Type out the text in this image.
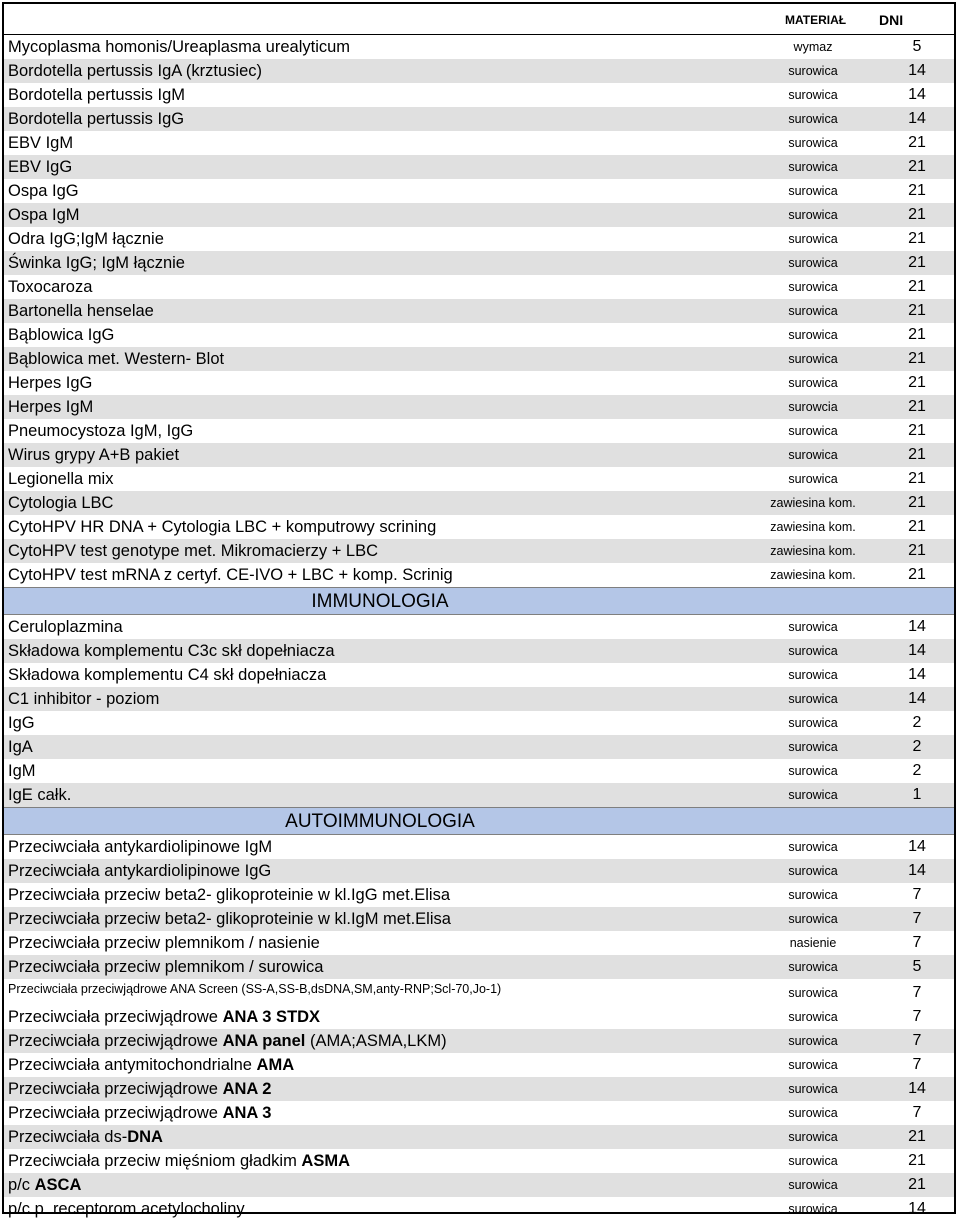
MATERIAŁ DNI
Mycoplasma homonis/Ureaplasma urealyticum	wymaz	5
Bordotella pertussis IgA (krztusiec)	surowica	14
Bordotella pertussis IgM	surowica	14
Bordotella pertussis IgG	surowica	14
EBV IgM	surowica	21
EBV IgG	surowica	21
Ospa IgG	surowica	21
Ospa IgM	surowica	21
Odra IgG;IgM łącznie	surowica	21
Świnka IgG; IgM łącznie	surowica	21
Toxocaroza	surowica	21
Bartonella henselae	surowica	21
Bąblowica IgG	surowica	21
Bąblowica met. Western- Blot	surowica	21
Herpes IgG	surowica	21
Herpes IgM	surowcia	21
Pneumocystoza IgM, IgG	surowica	21
Wirus grypy A+B pakiet	surowica	21
Legionella mix	surowica	21
Cytologia LBC	zawiesina kom.	21
CytoHPV HR DNA + Cytologia LBC + komputrowy scrining	zawiesina kom.	21
CytoHPV test genotype met. Mikromacierzy + LBC	zawiesina kom.	21
CytoHPV test mRNA z certyf. CE-IVO + LBC + komp. Scrinig	zawiesina kom.	21
IMMUNOLOGIA
Ceruloplazmina	surowica	14
Składowa komplementu C3c skł dopełniacza	surowica	14
Składowa komplementu C4 skł dopełniacza	surowica	14
C1 inhibitor - poziom	surowica	14
IgG	surowica	2
IgA	surowica	2
IgM	surowica	2
IgE całk.	surowica	1
AUTOIMMUNOLOGIA
Przeciwciała antykardiolipinowe IgM	surowica	14
Przeciwciała antykardiolipinowe IgG	surowica	14
Przeciwciała przeciw beta2- glikoproteinie w kl.IgG met.Elisa	surowica	7
Przeciwciała przeciw beta2- glikoproteinie w kl.IgM met.Elisa	surowica	7
Przeciwciała przeciw plemnikom / nasienie	nasienie	7
Przeciwciała przeciw plemnikom / surowica	surowica	5
Przeciwciała przeciwjądrowe ANA Screen (SS-A,SS-B,dsDNA,SM,anty-RNP;Scl-70,Jo-1)	surowica	7
Przeciwciała przeciwjądrowe ANA 3 STDX	surowica	7
Przeciwciała przeciwjądrowe ANA panel (AMA;ASMA,LKM)	surowica	7
Przeciwciała antymitochondrialne AMA	surowica	7
Przeciwciała przeciwjądrowe ANA 2	surowica	14
Przeciwciała przeciwjądrowe ANA 3	surowica	7
Przeciwciała ds-DNA	surowica	21
Przeciwciała przeciw mięśniom gładkim ASMA	surowica	21
p/c ASCA	surowica	21
p/c p. receptorom acetylocholiny	surowica	14
